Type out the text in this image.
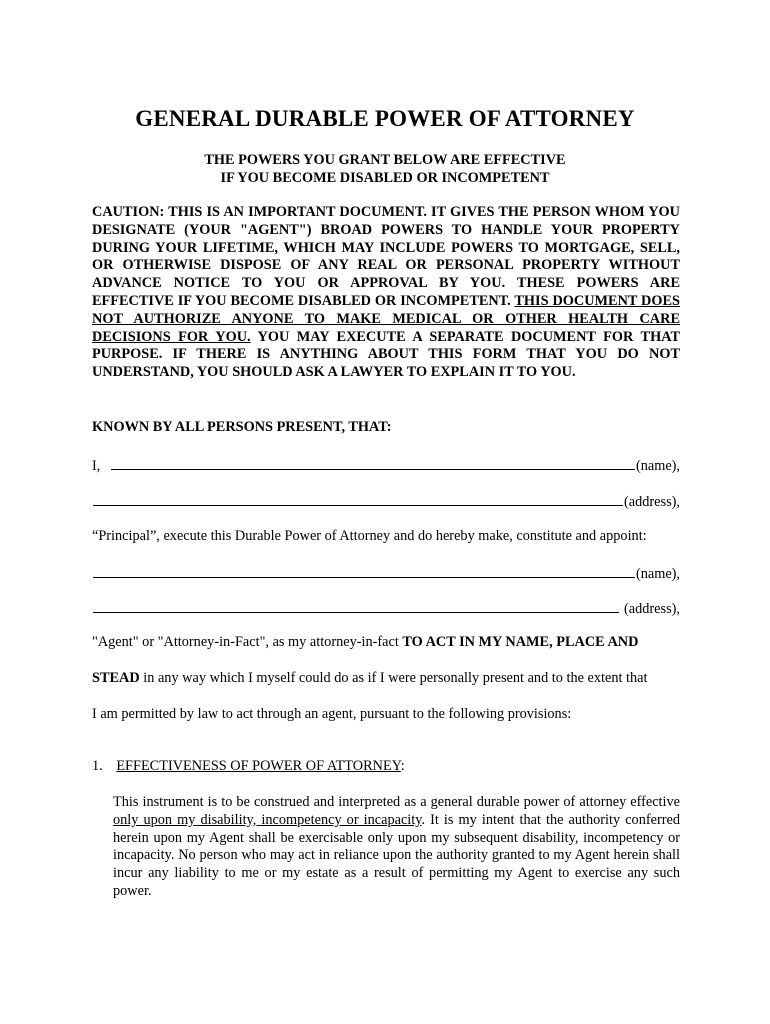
GENERAL DURABLE POWER OF ATTORNEY
THE POWERS YOU GRANT BELOW ARE EFFECTIVE
IF YOU BECOME DISABLED OR INCOMPETENT
CAUTION: THIS IS AN IMPORTANT DOCUMENT. IT GIVES THE PERSON WHOM YOU DESIGNATE (YOUR "AGENT") BROAD POWERS TO HANDLE YOUR PROPERTY DURING YOUR LIFETIME, WHICH MAY INCLUDE POWERS TO MORTGAGE, SELL, OR OTHERWISE DISPOSE OF ANY REAL OR PERSONAL PROPERTY WITHOUT ADVANCE NOTICE TO YOU OR APPROVAL BY YOU. THESE POWERS ARE EFFECTIVE IF YOU BECOME DISABLED OR INCOMPETENT. THIS DOCUMENT DOES NOT AUTHORIZE ANYONE TO MAKE MEDICAL OR OTHER HEALTH CARE DECISIONS FOR YOU. YOU MAY EXECUTE A SEPARATE DOCUMENT FOR THAT PURPOSE. IF THERE IS ANYTHING ABOUT THIS FORM THAT YOU DO NOT UNDERSTAND, YOU SHOULD ASK A LAWYER TO EXPLAIN IT TO YOU.
KNOWN BY ALL PERSONS PRESENT, THAT:
I,	(name),
(address),
“Principal”, execute this Durable Power of Attorney and do hereby make, constitute and appoint:
(name),
(address),
"Agent" or "Attorney-in-Fact", as my attorney-in-fact TO ACT IN MY NAME, PLACE AND
STEAD in any way which I myself could do as if I were personally present and to the extent that
I am permitted by law to act through an agent, pursuant to the following provisions:
1. EFFECTIVENESS OF POWER OF ATTORNEY:
This instrument is to be construed and interpreted as a general durable power of attorney effective only upon my disability, incompetency or incapacity. It is my intent that the authority conferred herein upon my Agent shall be exercisable only upon my subsequent disability, incompetency or incapacity. No person who may act in reliance upon the authority granted to my Agent herein shall incur any liability to me or my estate as a result of permitting my Agent to exercise any such power.
